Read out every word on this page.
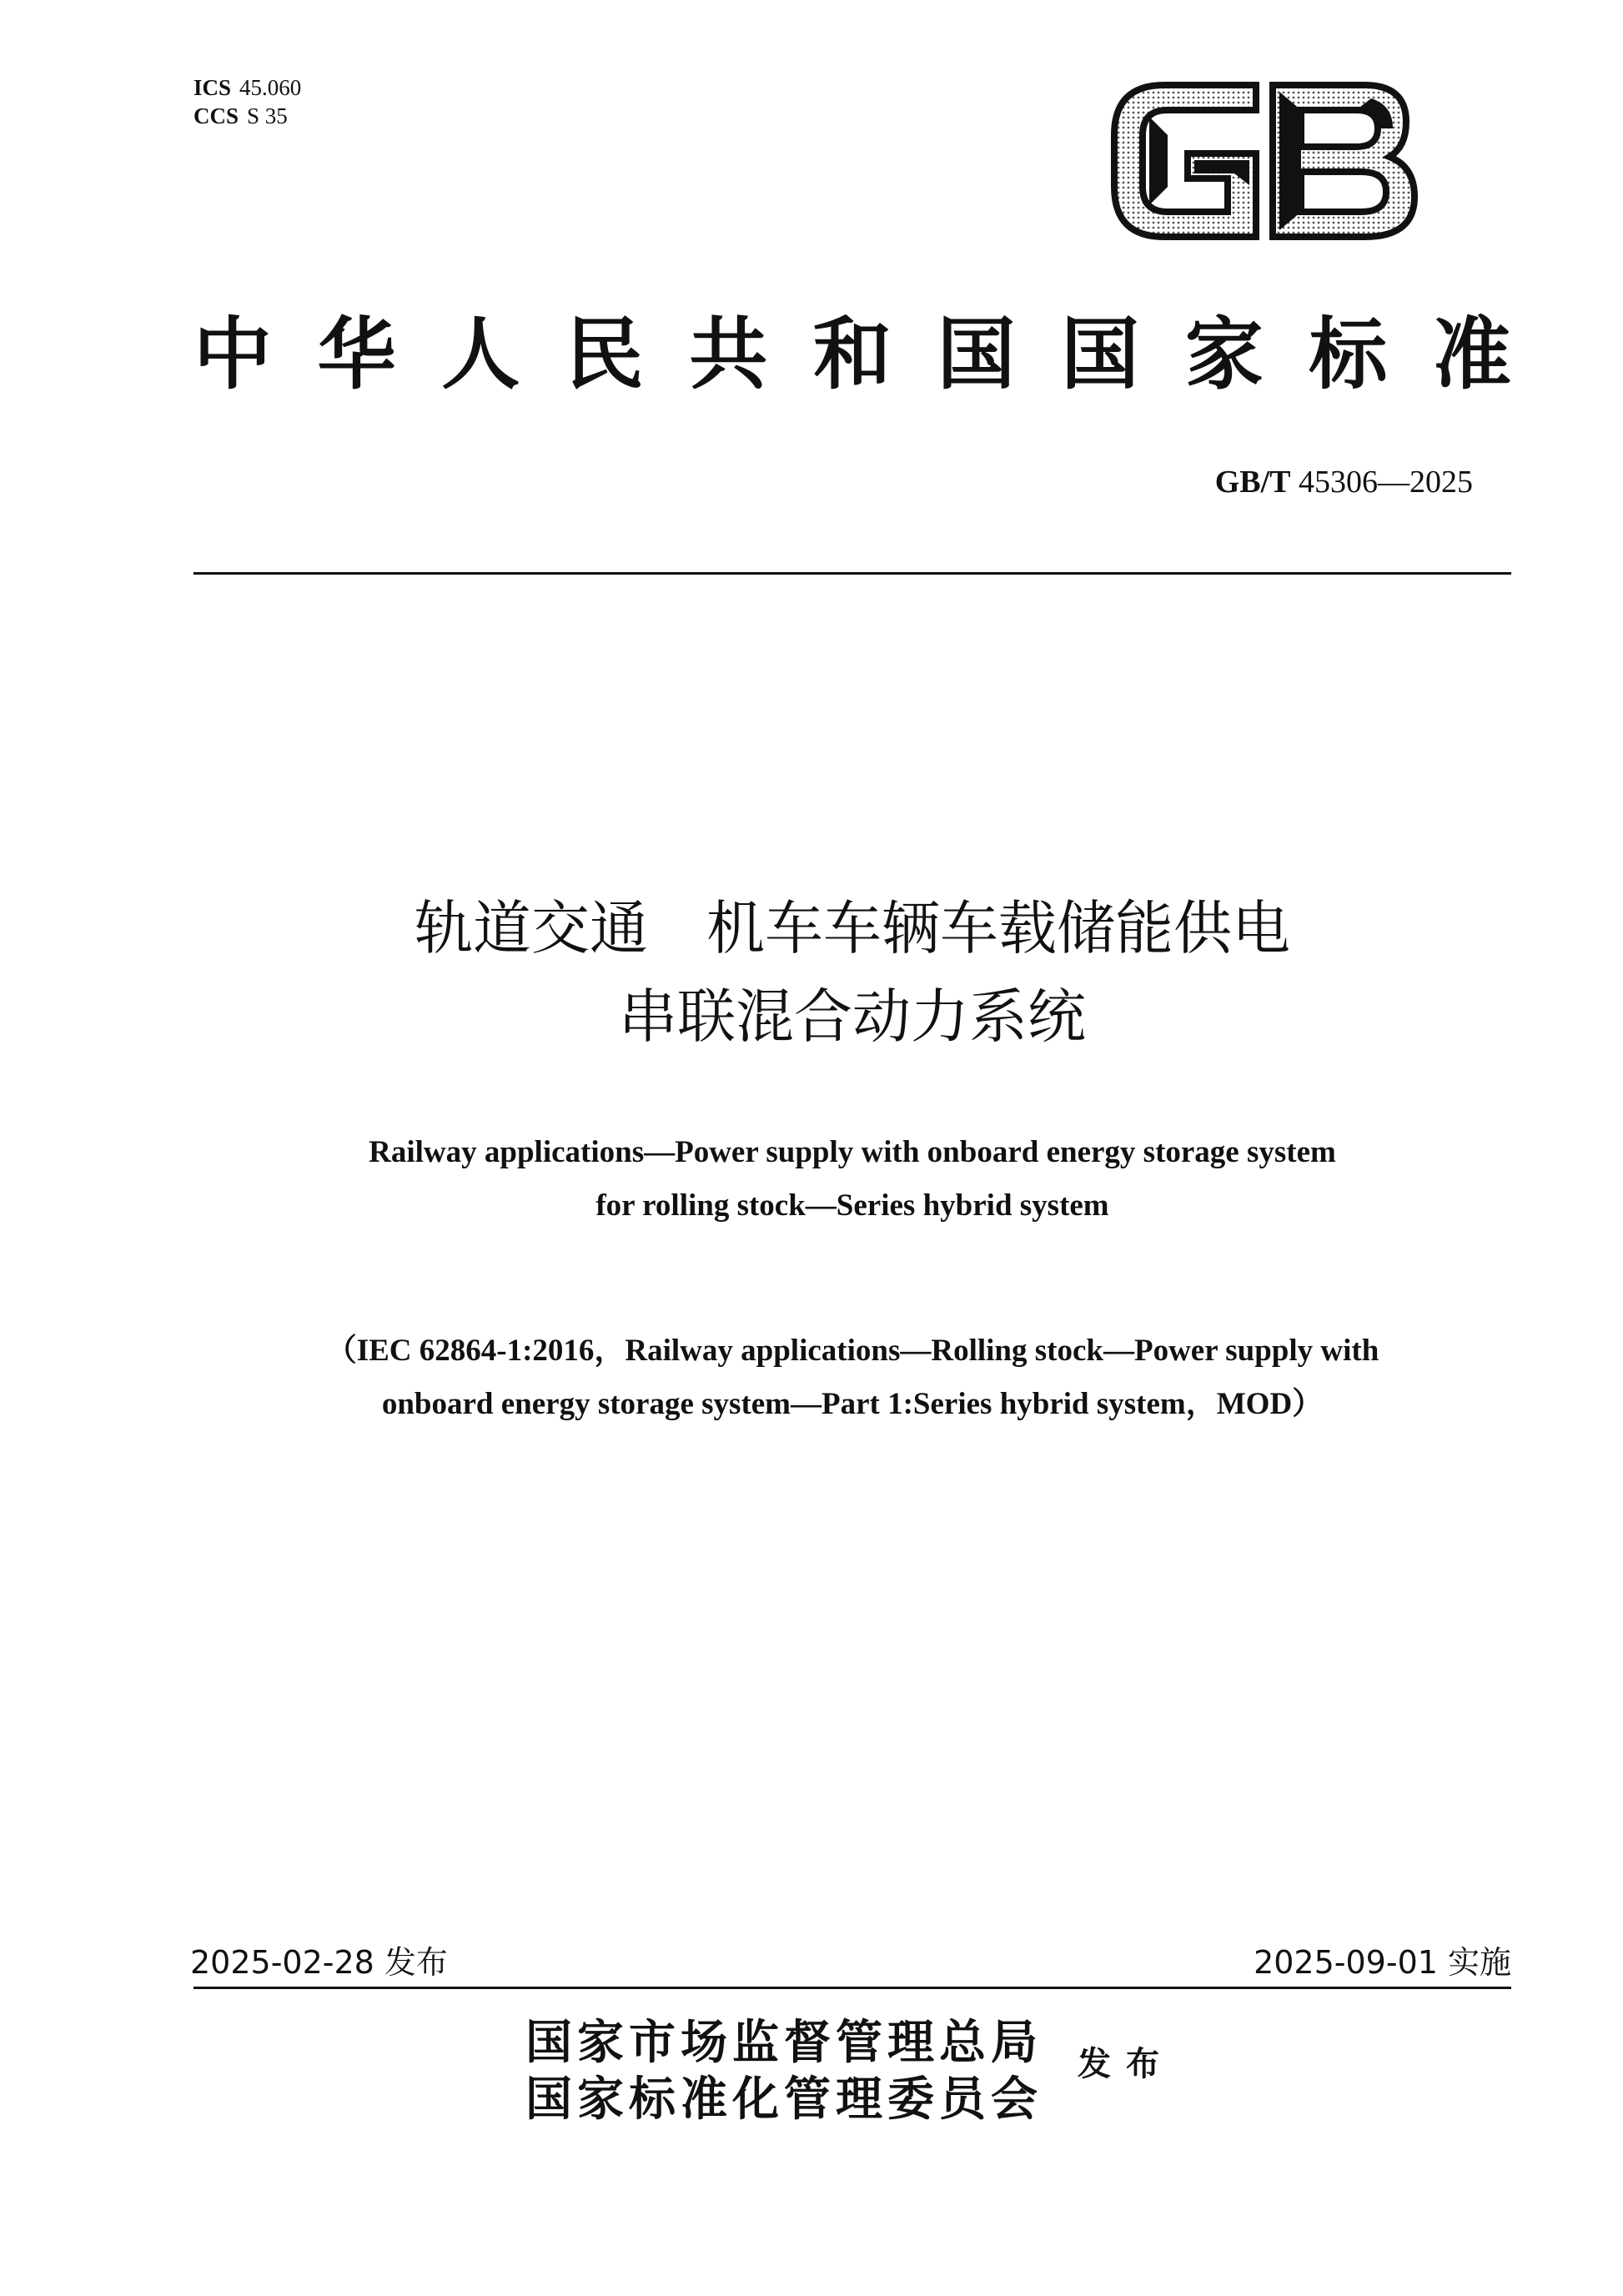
ICS 45.060
CCS S 35
中 华 人 民 共 和 国 国 家 标 准
GB/T 45306—2025
轨道交通　机车车辆车载储能供电
串联混合动力系统
Railway applications—Power supply with onboard energy storage system
for rolling stock—Series hybrid system
（IEC 62864-1:2016，Railway applications—Rolling stock—Power supply with
onboard energy storage system—Part 1:Series hybrid system，MOD）
2025-02-28 发布	2025-09-01 实施
国家市场监督管理总局
国家标准化管理委员会
发布
